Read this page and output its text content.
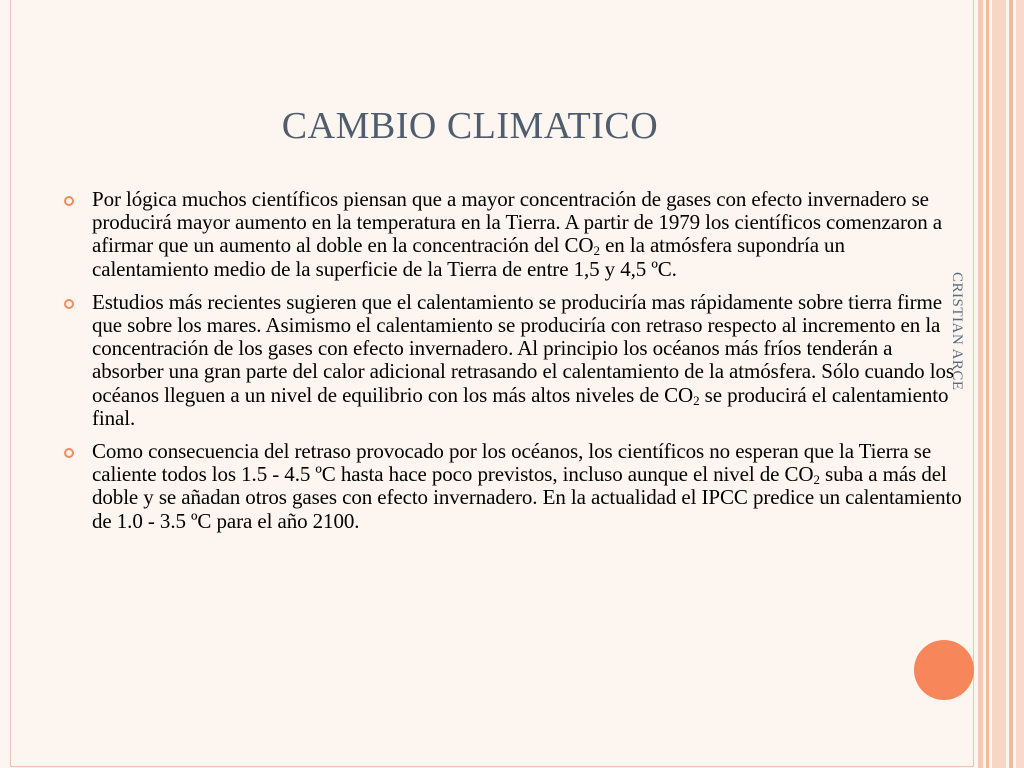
CAMBIO CLIMATICO
Por lógica muchos científicos piensan que a mayor concentración de gases con efecto invernadero se producirá mayor aumento en la temperatura en la Tierra. A partir de 1979 los científicos comenzaron a afirmar que un aumento al doble en la concentración del $CO_2$ en la atmósfera supondría un calentamiento medio de la superficie de la Tierra de entre 1,5 y 4,5 ºC.
Estudios más recientes sugieren que el calentamiento se produciría mas rápidamente sobre tierra firme que sobre los mares. Asimismo el calentamiento se produciría con retraso respecto al incremento en la concentración de los gases con efecto invernadero. Al principio los océanos más fríos tenderán a absorber una gran parte del calor adicional retrasando el calentamiento de la atmósfera. Sólo cuando los océanos lleguen a un nivel de equilibrio con los más altos niveles de $CO_2$ se producirá el calentamiento final.
Como consecuencia del retraso provocado por los océanos, los científicos no esperan que la Tierra se caliente todos los 1.5 - 4.5 ºC hasta hace poco previstos, incluso aunque el nivel de $CO_2$ suba a más del doble y se añadan otros gases con efecto invernadero. En la actualidad el IPCC predice un calentamiento de 1.0 - 3.5 ºC para el año 2100.
CRISTIAN ARCE
